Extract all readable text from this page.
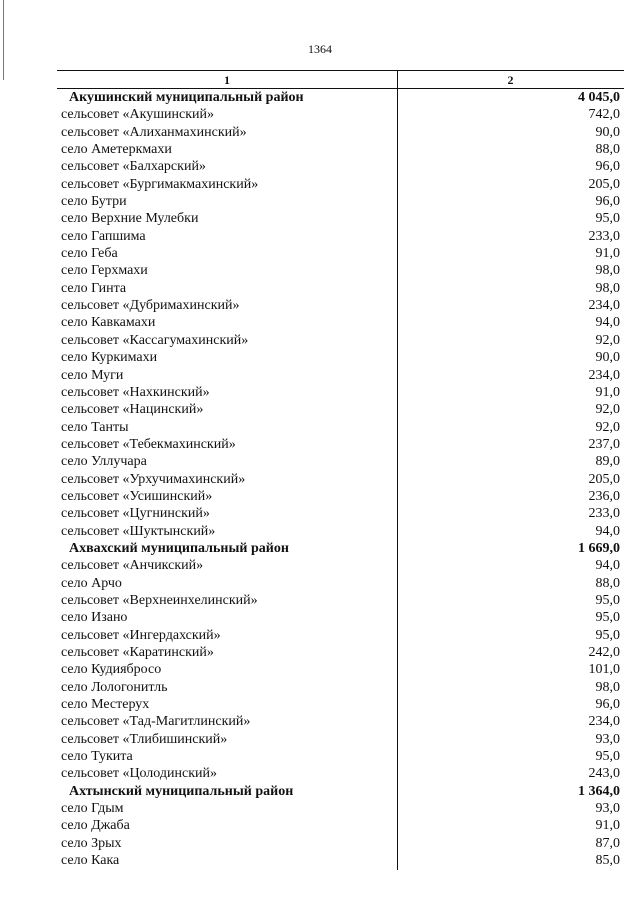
1364
1	2
Акушинский муниципальный район	4 045,0
сельсовет «Акушинский»	742,0
сельсовет «Алиханмахинский»	90,0
село Аметеркмахи	88,0
сельсовет «Балхарский»	96,0
сельсовет «Бургимакмахинский»	205,0
село Бутри	96,0
село Верхние Мулебки	95,0
село Гапшима	233,0
село Геба	91,0
село Герхмахи	98,0
село Гинта	98,0
сельсовет «Дубримахинский»	234,0
село Кавкамахи	94,0
сельсовет «Кассагумахинский»	92,0
село Куркимахи	90,0
село Муги	234,0
сельсовет «Нахкинский»	91,0
сельсовет «Нацинский»	92,0
село Танты	92,0
сельсовет «Тебекмахинский»	237,0
село Уллучара	89,0
сельсовет «Урхучимахинский»	205,0
сельсовет «Усишинский»	236,0
сельсовет «Цугнинский»	233,0
сельсовет «Шуктынский»	94,0
Ахвахский муниципальный район	1 669,0
сельсовет «Анчикский»	94,0
село Арчо	88,0
сельсовет «Верхнеинхелинский»	95,0
село Изано	95,0
сельсовет «Ингердахский»	95,0
сельсовет «Каратинский»	242,0
село Кудиябросо	101,0
село Лологонитль	98,0
село Местерух	96,0
сельсовет «Тад-Магитлинский»	234,0
сельсовет «Тлибишинский»	93,0
село Тукита	95,0
сельсовет «Цолодинский»	243,0
Ахтынский муниципальный район	1 364,0
село Гдым	93,0
село Джаба	91,0
село Зрых	87,0
село Кака	85,0
